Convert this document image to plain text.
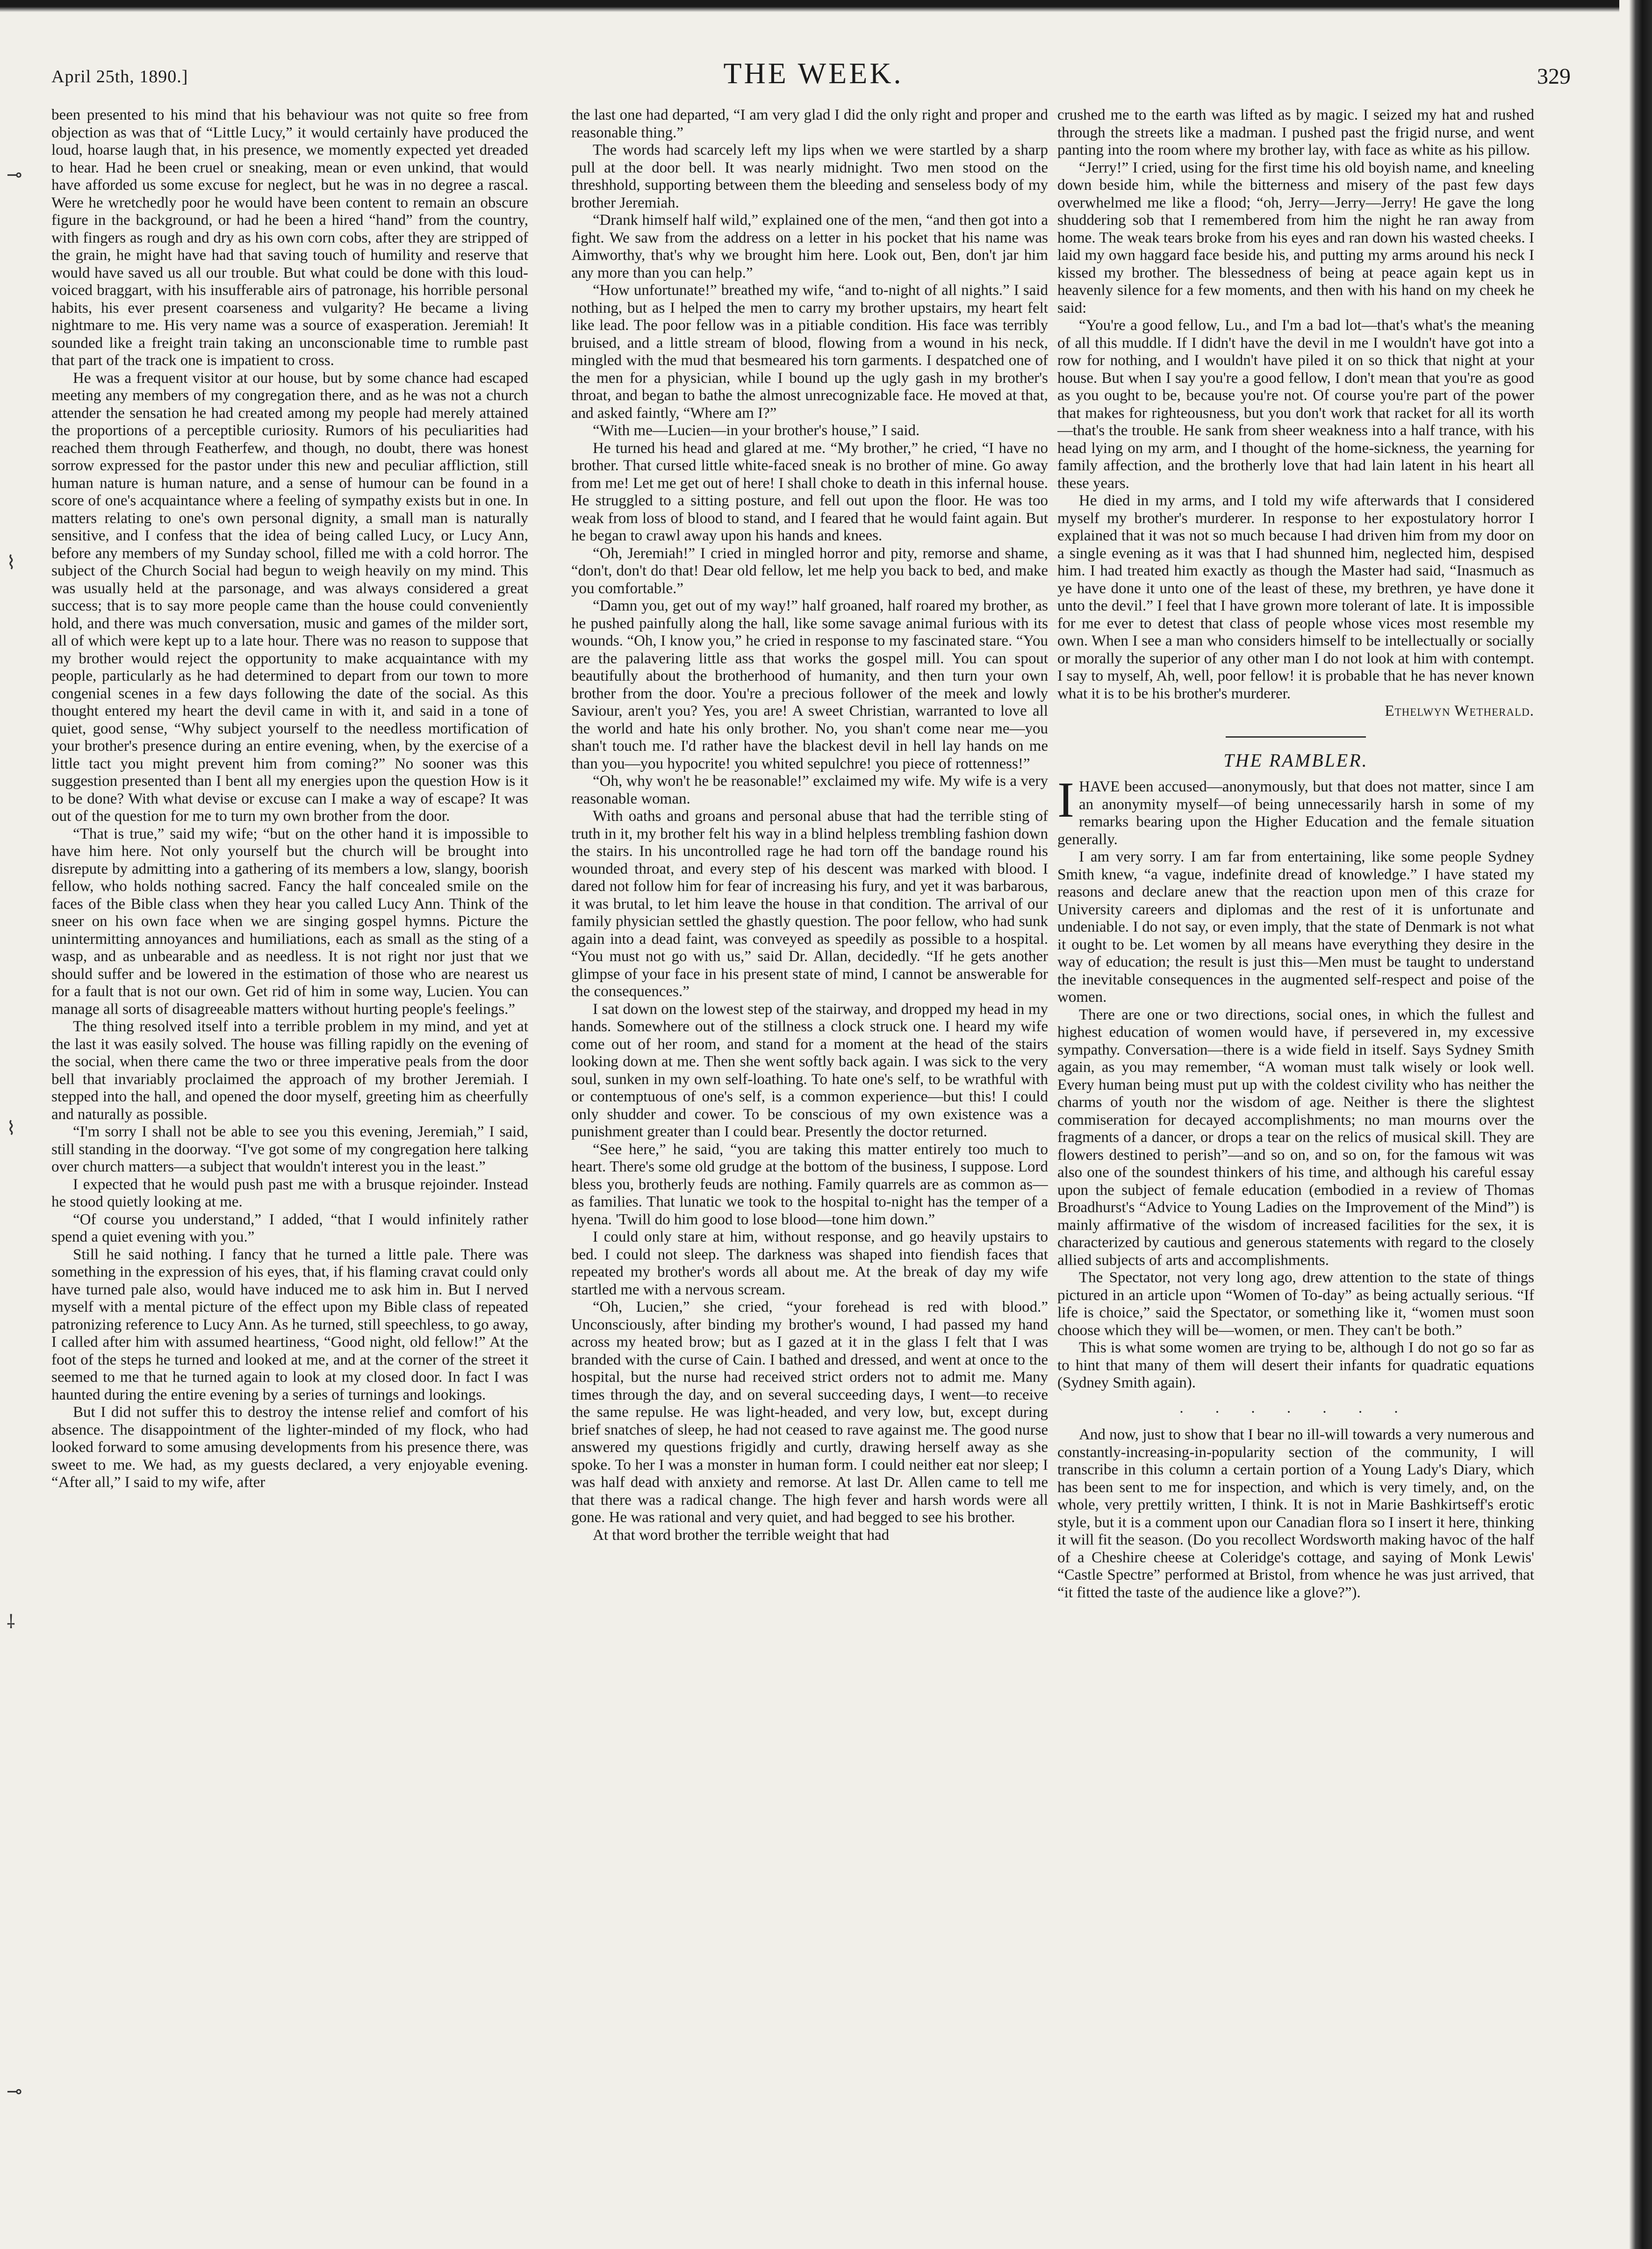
⊸
⌇
⌇
⸸
⊸
April 25th, 1890.]	THE WEEK.	329

been presented to his mind that his behaviour was not quite so free from objection as was that of “Little Lucy,” it would certainly have produced the loud, hoarse laugh that, in his presence, we momently expected yet dreaded to hear. Had he been cruel or sneaking, mean or even unkind, that would have afforded us some excuse for neglect, but he was in no degree a rascal. Were he wretchedly poor he would have been content to remain an obscure figure in the background, or had he been a hired “hand” from the country, with fingers as rough and dry as his own corn cobs, after they are stripped of the grain, he might have had that saving touch of humility and reserve that would have saved us all our trouble. But what could be done with this loud-voiced braggart, with his insufferable airs of patronage, his horrible personal habits, his ever present coarseness and vulgarity? He became a living nightmare to me. His very name was a source of exasperation. Jeremiah! It sounded like a freight train taking an unconscionable time to rumble past that part of the track one is impatient to cross.

He was a frequent visitor at our house, but by some chance had escaped meeting any members of my congregation there, and as he was not a church attender the sensation he had created among my people had merely attained the proportions of a perceptible curiosity. Rumors of his peculiarities had reached them through Featherfew, and though, no doubt, there was honest sorrow expressed for the pastor under this new and peculiar affliction, still human nature is human nature, and a sense of humour can be found in a score of one's acquaintance where a feeling of sympathy exists but in one. In matters relating to one's own personal dignity, a small man is naturally sensitive, and I confess that the idea of being called Lucy, or Lucy Ann, before any members of my Sunday school, filled me with a cold horror. The subject of the Church Social had begun to weigh heavily on my mind. This was usually held at the parsonage, and was always considered a great success; that is to say more people came than the house could conveniently hold, and there was much conversation, music and games of the milder sort, all of which were kept up to a late hour. There was no reason to suppose that my brother would reject the opportunity to make acquaintance with my people, particularly as he had determined to depart from our town to more congenial scenes in a few days following the date of the social. As this thought entered my heart the devil came in with it, and said in a tone of quiet, good sense, “Why subject yourself to the needless mortification of your brother's presence during an entire evening, when, by the exercise of a little tact you might prevent him from coming?” No sooner was this suggestion presented than I bent all my energies upon the question How is it to be done? With what devise or excuse can I make a way of escape? It was out of the question for me to turn my own brother from the door.

“That is true,” said my wife; “but on the other hand it is impossible to have him here. Not only yourself but the church will be brought into disrepute by admitting into a gathering of its members a low, slangy, boorish fellow, who holds nothing sacred. Fancy the half concealed smile on the faces of the Bible class when they hear you called Lucy Ann. Think of the sneer on his own face when we are singing gospel hymns. Picture the unintermitting annoyances and humiliations, each as small as the sting of a wasp, and as unbearable and as needless. It is not right nor just that we should suffer and be lowered in the estimation of those who are nearest us for a fault that is not our own. Get rid of him in some way, Lucien. You can manage all sorts of disagreeable matters without hurting people's feelings.”

The thing resolved itself into a terrible problem in my mind, and yet at the last it was easily solved. The house was filling rapidly on the evening of the social, when there came the two or three imperative peals from the door bell that invariably proclaimed the approach of my brother Jeremiah. I stepped into the hall, and opened the door myself, greeting him as cheerfully and naturally as possible.

“I'm sorry I shall not be able to see you this evening, Jeremiah,” I said, still standing in the doorway. “I've got some of my congregation here talking over church matters—a subject that wouldn't interest you in the least.”

I expected that he would push past me with a brusque rejoinder. Instead he stood quietly looking at me.

“Of course you understand,” I added, “that I would infinitely rather spend a quiet evening with you.”

Still he said nothing. I fancy that he turned a little pale. There was something in the expression of his eyes, that, if his flaming cravat could only have turned pale also, would have induced me to ask him in. But I nerved myself with a mental picture of the effect upon my Bible class of repeated patronizing reference to Lucy Ann. As he turned, still speechless, to go away, I called after him with assumed heartiness, “Good night, old fellow!” At the foot of the steps he turned and looked at me, and at the corner of the street it seemed to me that he turned again to look at my closed door. In fact I was haunted during the entire evening by a series of turnings and lookings.

But I did not suffer this to destroy the intense relief and comfort of his absence. The disappointment of the lighter-minded of my flock, who had looked forward to some amusing developments from his presence there, was sweet to me. We had, as my guests declared, a very enjoyable evening. “After all,” I said to my wife, after

the last one had departed, “I am very glad I did the only right and proper and reasonable thing.”

The words had scarcely left my lips when we were startled by a sharp pull at the door bell. It was nearly midnight. Two men stood on the threshhold, supporting between them the bleeding and senseless body of my brother Jeremiah.

“Drank himself half wild,” explained one of the men, “and then got into a fight. We saw from the address on a letter in his pocket that his name was Aimworthy, that's why we brought him here. Look out, Ben, don't jar him any more than you can help.”

“How unfortunate!” breathed my wife, “and to-night of all nights.” I said nothing, but as I helped the men to carry my brother upstairs, my heart felt like lead. The poor fellow was in a pitiable condition. His face was terribly bruised, and a little stream of blood, flowing from a wound in his neck, mingled with the mud that besmeared his torn garments. I despatched one of the men for a physician, while I bound up the ugly gash in my brother's throat, and began to bathe the almost unrecognizable face. He moved at that, and asked faintly, “Where am I?”

“With me—Lucien—in your brother's house,” I said.

He turned his head and glared at me. “My brother,” he cried, “I have no brother. That cursed little white-faced sneak is no brother of mine. Go away from me! Let me get out of here! I shall choke to death in this infernal house. He struggled to a sitting posture, and fell out upon the floor. He was too weak from loss of blood to stand, and I feared that he would faint again. But he began to crawl away upon his hands and knees.

“Oh, Jeremiah!” I cried in mingled horror and pity, remorse and shame, “don't, don't do that! Dear old fellow, let me help you back to bed, and make you comfortable.”

“Damn you, get out of my way!” half groaned, half roared my brother, as he pushed painfully along the hall, like some savage animal furious with its wounds. “Oh, I know you,” he cried in response to my fascinated stare. “You are the palavering little ass that works the gospel mill. You can spout beautifully about the brotherhood of humanity, and then turn your own brother from the door. You're a precious follower of the meek and lowly Saviour, aren't you? Yes, you are! A sweet Christian, warranted to love all the world and hate his only brother. No, you shan't come near me—you shan't touch me. I'd rather have the blackest devil in hell lay hands on me than you—you hypocrite! you whited sepulchre! you piece of rottenness!”

“Oh, why won't he be reasonable!” exclaimed my wife. My wife is a very reasonable woman.

With oaths and groans and personal abuse that had the terrible sting of truth in it, my brother felt his way in a blind helpless trembling fashion down the stairs. In his uncontrolled rage he had torn off the bandage round his wounded throat, and every step of his descent was marked with blood. I dared not follow him for fear of increasing his fury, and yet it was barbarous, it was brutal, to let him leave the house in that condition. The arrival of our family physician settled the ghastly question. The poor fellow, who had sunk again into a dead faint, was conveyed as speedily as possible to a hospital. “You must not go with us,” said Dr. Allan, decidedly. “If he gets another glimpse of your face in his present state of mind, I cannot be answerable for the consequences.”

I sat down on the lowest step of the stairway, and dropped my head in my hands. Somewhere out of the stillness a clock struck one. I heard my wife come out of her room, and stand for a moment at the head of the stairs looking down at me. Then she went softly back again. I was sick to the very soul, sunken in my own self-loathing. To hate one's self, to be wrathful with or contemptuous of one's self, is a common experience—but this! I could only shudder and cower. To be conscious of my own existence was a punishment greater than I could bear. Presently the doctor returned.

“See here,” he said, “you are taking this matter entirely too much to heart. There's some old grudge at the bottom of the business, I suppose. Lord bless you, brotherly feuds are nothing. Family quarrels are as common as—as families. That lunatic we took to the hospital to-night has the temper of a hyena. 'Twill do him good to lose blood—tone him down.”

I could only stare at him, without response, and go heavily upstairs to bed. I could not sleep. The darkness was shaped into fiendish faces that repeated my brother's words all about me. At the break of day my wife startled me with a nervous scream.

“Oh, Lucien,” she cried, “your forehead is red with blood.” Unconsciously, after binding my brother's wound, I had passed my hand across my heated brow; but as I gazed at it in the glass I felt that I was branded with the curse of Cain. I bathed and dressed, and went at once to the hospital, but the nurse had received strict orders not to admit me. Many times through the day, and on several succeeding days, I went—to receive the same repulse. He was light-headed, and very low, but, except during brief snatches of sleep, he had not ceased to rave against me. The good nurse answered my questions frigidly and curtly, drawing herself away as she spoke. To her I was a monster in human form. I could neither eat nor sleep; I was half dead with anxiety and remorse. At last Dr. Allen came to tell me that there was a radical change. The high fever and harsh words were all gone. He was rational and very quiet, and had begged to see his brother.

At that word brother the terrible weight that had

crushed me to the earth was lifted as by magic. I seized my hat and rushed through the streets like a madman. I pushed past the frigid nurse, and went panting into the room where my brother lay, with face as white as his pillow.

“Jerry!” I cried, using for the first time his old boyish name, and kneeling down beside him, while the bitterness and misery of the past few days overwhelmed me like a flood; “oh, Jerry—Jerry—Jerry! He gave the long shuddering sob that I remembered from him the night he ran away from home. The weak tears broke from his eyes and ran down his wasted cheeks. I laid my own haggard face beside his, and putting my arms around his neck I kissed my brother. The blessedness of being at peace again kept us in heavenly silence for a few moments, and then with his hand on my cheek he said:

“You're a good fellow, Lu., and I'm a bad lot—that's what's the meaning of all this muddle. If I didn't have the devil in me I wouldn't have got into a row for nothing, and I wouldn't have piled it on so thick that night at your house. But when I say you're a good fellow, I don't mean that you're as good as you ought to be, because you're not. Of course you're part of the power that makes for righteousness, but you don't work that racket for all its worth—that's the trouble. He sank from sheer weakness into a half trance, with his head lying on my arm, and I thought of the home-sickness, the yearning for family affection, and the brotherly love that had lain latent in his heart all these years.

He died in my arms, and I told my wife afterwards that I considered myself my brother's murderer. In response to her expostulatory horror I explained that it was not so much because I had driven him from my door on a single evening as it was that I had shunned him, neglected him, despised him. I had treated him exactly as though the Master had said, “Inasmuch as ye have done it unto one of the least of these, my brethren, ye have done it unto the devil.” I feel that I have grown more tolerant of late. It is impossible for me ever to detest that class of people whose vices most resemble my own. When I see a man who considers himself to be intellectually or socially or morally the superior of any other man I do not look at him with contempt. I say to myself, Ah, well, poor fellow! it is probable that he has never known what it is to be his brother's murderer.

Ethelwyn Wetherald.

THE RAMBLER.

IHAVE been accused—anonymously, but that does not matter, since I am an anonymity myself—of being unnecessarily harsh in some of my remarks bearing upon the Higher Education and the female situation generally.

I am very sorry. I am far from entertaining, like some people Sydney Smith knew, “a vague, indefinite dread of knowledge.” I have stated my reasons and declare anew that the reaction upon men of this craze for University careers and diplomas and the rest of it is unfortunate and undeniable. I do not say, or even imply, that the state of Denmark is not what it ought to be. Let women by all means have everything they desire in the way of education; the result is just this—Men must be taught to understand the inevitable consequences in the augmented self-respect and poise of the women.

There are one or two directions, social ones, in which the fullest and highest education of women would have, if persevered in, my excessive sympathy. Conversation—there is a wide field in itself. Says Sydney Smith again, as you may remember, “A woman must talk wisely or look well. Every human being must put up with the coldest civility who has neither the charms of youth nor the wisdom of age. Neither is there the slightest commiseration for decayed accomplishments; no man mourns over the fragments of a dancer, or drops a tear on the relics of musical skill. They are flowers destined to perish”—and so on, and so on, for the famous wit was also one of the soundest thinkers of his time, and although his careful essay upon the subject of female education (embodied in a review of Thomas Broadhurst's “Advice to Young Ladies on the Improvement of the Mind”) is mainly affirmative of the wisdom of increased facilities for the sex, it is characterized by cautious and generous statements with regard to the closely allied subjects of arts and accomplishments.

The Spectator, not very long ago, drew attention to the state of things pictured in an article upon “Women of To-day” as being actually serious. “If life is choice,” said the Spectator, or something like it, “women must soon choose which they will be—women, or men. They can't be both.”

This is what some women are trying to be, although I do not go so far as to hint that many of them will desert their infants for quadratic equations (Sydney Smith again).

. . . . . . .

And now, just to show that I bear no ill-will towards a very numerous and constantly-increasing-in-popularity section of the community, I will transcribe in this column a certain portion of a Young Lady's Diary, which has been sent to me for inspection, and which is very timely, and, on the whole, very prettily written, I think. It is not in Marie Bashkirtseff's erotic style, but it is a comment upon our Canadian flora so I insert it here, thinking it will fit the season. (Do you recollect Wordsworth making havoc of the half of a Cheshire cheese at Coleridge's cottage, and saying of Monk Lewis' “Castle Spectre” performed at Bristol, from whence he was just arrived, that “it fitted the taste of the audience like a glove?”).
